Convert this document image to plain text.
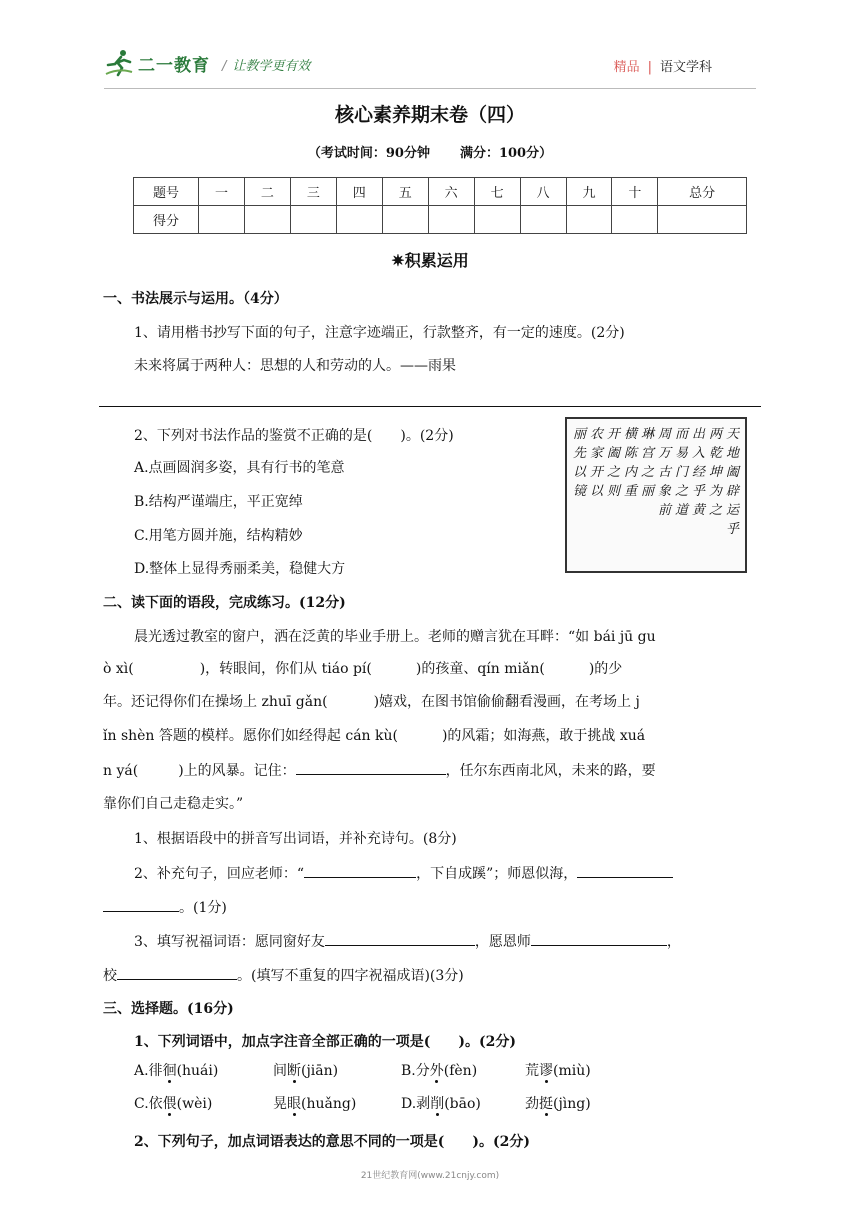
二一教育 / 让教学更有效	精品 | 语文学科
核心素养期末卷（四）
（考试时间：90分钟 满分：100分）
题号	一	二	三	四	五	六	七	八	九	十	总分
得分											
✷积累运用
一、书法展示与运用。（4分）
1、请用楷书抄写下面的句子，注意字迹端正，行款整齐，有一定的速度。(2分)
未来将属于两种人：思想的人和劳动的人。——雨果
2、下列对书法作品的鉴赏不正确的是(　　)。(2分)
A.点画圆润多姿，具有行书的笔意
B.结构严谨端庄，平正宽绰
C.用笔方圆并施，结构精妙
D.整体上显得秀丽柔美，稳健大方
天地阖辟运乎
两乾坤为之
出入经乎黄
而易门之道
周万古象前
琳宫之丽
横陈内重
开阖之则
农家开以
丽先以镜
二、读下面的语段，完成练习。(12分)
晨光透过教室的窗户，洒在泛黄的毕业手册上。老师的赠言犹在耳畔：“如 bái jū gu
ò xì(	)，转眼间，你们从 tiáo pí(	)的孩童、qín miǎn(	)的少
年。还记得你们在操场上 zhuī gǎn(	)嬉戏，在图书馆偷偷翻看漫画，在考场上 j
ǐn shèn 答题的模样。愿你们如经得起 cán kù(	)的风霜；如海燕，敢于挑战 xuá
n yá(	)上的风暴。记住：	，任尔东西南北风，未来的路，要
靠你们自己走稳走实。”
1、根据语段中的拼音写出词语，并补充诗句。(8分)
2、补充句子，回应老师：“	，下自成蹊”；师恩似海，
。(1分)
3、填写祝福词语：愿同窗好友	，愿恩师	，
校	。(填写不重复的四字祝福成语)(3分)
三、选择题。(16分)
1、下列词语中，加点字注音全部正确的一项是(　　)。(2分)
A.徘徊(huái)	间断(jiān)	B.分外(fèn)	荒谬(miù)
C.依偎(wèi)	晃眼(huǎng)	D.剥削(bāo)	劲挺(jìng)
2、下列句子，加点词语表达的意思不同的一项是(　　)。(2分)
21世纪教育网(www.21cnjy.com)
